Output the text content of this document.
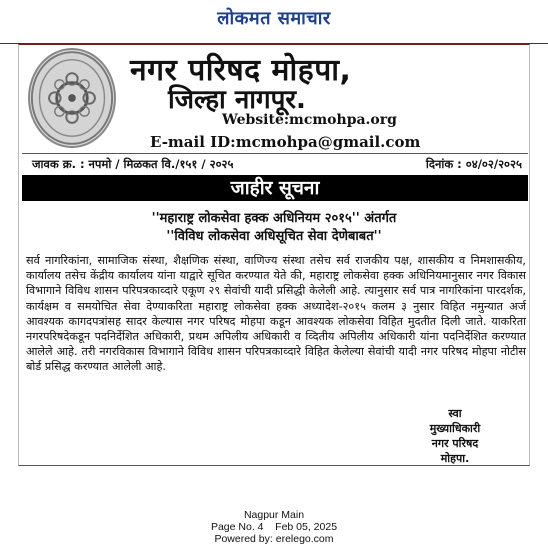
लोकमत समाचार
नगर परिषद मोहपा,
जिल्हा नागपूर.
Website:mcmohpa.org
E-mail ID:mcmohpa@gmail.com
जावक क्र. : नपमो / मिळकत वि./१५१ / २०२५	दिनांक : ०४/०२/२०२५
जाहीर सूचना
''महाराष्ट्र लोकसेवा हक्क अधिनियम २०१५'' अंतर्गत
''विविध लोकसेवा अधिसूचित सेवा देणेबाबत''
सर्व नागरिकांना, सामाजिक संस्था, शैक्षणिक संस्था, वाणिज्य संस्था तसेच सर्व राजकीय पक्ष, शासकीय व निमशासकीय, कार्यालय तसेच केंद्रीय कार्यालय यांना याद्वारे सूचित करण्यात येते की, महाराष्ट्र लोकसेवा हक्क अधिनियमानुसार नगर विकास विभागाने विविध शासन परिपत्रकाव्दारे एकूण २९ सेवांची यादी प्रसिद्धी केलेली आहे. त्यानुसार सर्व पात्र नागरिकांना पारदर्शक, कार्यक्षम व समयोचित सेवा देण्याकरिता महाराष्ट्र लोकसेवा हक्क अध्यादेश-२०१५ कलम ३ नुसार विहित नमुन्यात अर्ज आवश्यक कागदपत्रांसह सादर केल्यास नगर परिषद मोहपा कडून आवश्यक लोकसेवा विहित मुदतीत दिली जाते. याकरिता नगरपरिषदेकडून पदनिर्देशित अधिकारी, प्रथम अपिलीय अधिकारी व व्दितीय अपिलीय अधिकारी यांना पदनिर्देशित करण्यात आलेले आहे. तरी नगरविकास विभागाने विविध शासन परिपत्रकाव्दारे विहित केलेल्या सेवांची यादी नगर परिषद मोहपा नोटीस बोर्ड प्रसिद्ध करण्यात आलेली आहे.
स्वा
मुख्याधिकारी
नगर परिषद
मोहपा.
Nagpur Main
Page No. 4    Feb 05, 2025
Powered by: erelego.com
